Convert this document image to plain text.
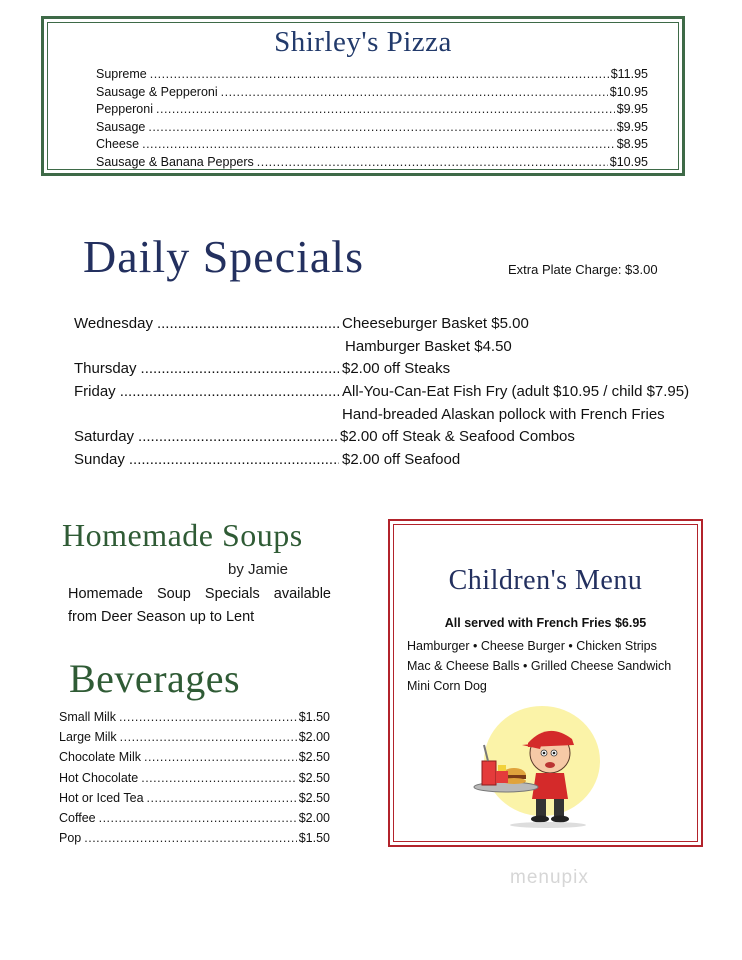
Shirley's Pizza
Supreme .....	$11.95
Sausage & Pepperoni .....	$10.95
Pepperoni .....	$9.95
Sausage .....	$9.95
Cheese .....	$8.95
Sausage & Banana Peppers .....	$10.95
Daily Specials	Extra Plate Charge: $3.00
Wednesday .....	Cheeseburger Basket $5.00
Hamburger Basket $4.50
Thursday .....	$2.00 off Steaks
Friday .....	All-You-Can-Eat Fish Fry (adult $10.95 / child $7.95)
Hand-breaded Alaskan pollock with French Fries
Saturday .....	$2.00 off Steak & Seafood Combos
Sunday .....	$2.00 off Seafood
Homemade Soups
by Jamie
Homemade Soup Specials available from Deer Season up to Lent
Beverages
Small Milk .....	$1.50
Large Milk .....	$2.00
Chocolate Milk .....	$2.50
Hot Chocolate .....	$2.50
Hot or Iced Tea .....	$2.50
Coffee .....	$2.00
Pop .....	$1.50
Children's Menu
All served with French Fries $6.95
Hamburger • Cheese Burger • Chicken Strips
Mac & Cheese Balls • Grilled Cheese Sandwich
Mini Corn Dog
menupix
